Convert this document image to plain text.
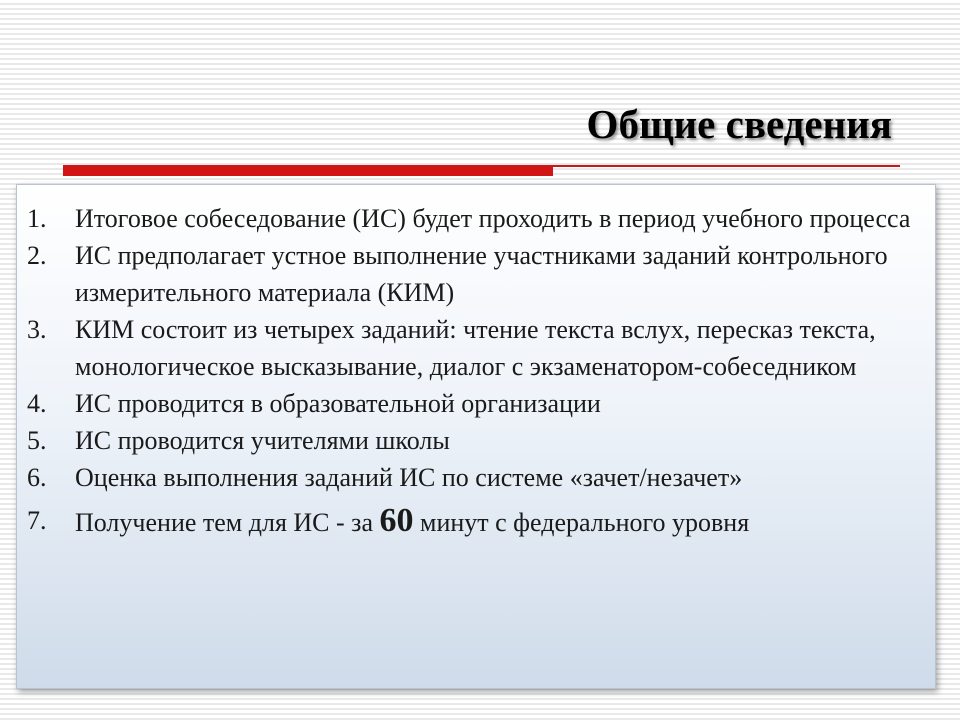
Общие сведения
1. Итоговое собеседование (ИС) будет проходить в период учебного процесса
2. ИС предполагает устное выполнение участниками заданий контрольного измерительного материала (КИМ)
3. КИМ состоит из четырех заданий: чтение текста вслух, пересказ текста, монологическое высказывание, диалог с экзаменатором-собеседником
4. ИС проводится в образовательной организации
5. ИС проводится учителями школы
6. Оценка выполнения заданий ИС по системе «зачет/незачет»
7. Получение тем для ИС - за 60 минут с федерального уровня
